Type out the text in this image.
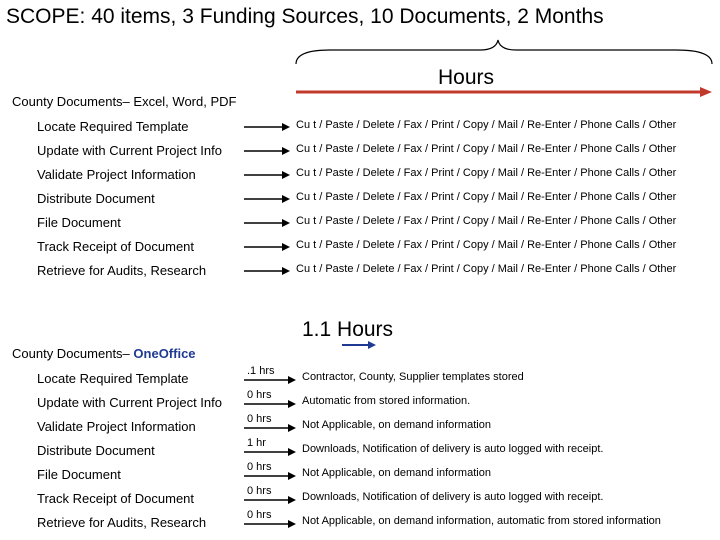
SCOPE: 40 items, 3 Funding Sources, 10 Documents, 2 Months
Hours
County Documents– Excel, Word, PDF
Locate Required Template
Update with Current Project Info
Validate Project Information
Distribute Document
File Document
Track Receipt of Document
Retrieve for Audits, Research
Cu t / Paste / Delete / Fax / Print / Copy / Mail / Re-Enter / Phone Calls / Other
Cu t / Paste / Delete / Fax / Print / Copy / Mail / Re-Enter / Phone Calls / Other
Cu t / Paste / Delete / Fax / Print / Copy / Mail / Re-Enter / Phone Calls / Other
Cu t / Paste / Delete / Fax / Print / Copy / Mail / Re-Enter / Phone Calls / Other
Cu t / Paste / Delete / Fax / Print / Copy / Mail / Re-Enter / Phone Calls / Other
Cu t / Paste / Delete / Fax / Print / Copy / Mail / Re-Enter / Phone Calls / Other
Cu t / Paste / Delete / Fax / Print / Copy / Mail / Re-Enter / Phone Calls / Other
1.1 Hours
County Documents– OneOffice
Locate Required Template
Update with Current Project Info
Validate Project Information
Distribute Document
File Document
Track Receipt of Document
Retrieve for Audits, Research
.1 hrs
0 hrs
0 hrs
1 hr
0 hrs
0 hrs
0 hrs
Contractor, County, Supplier templates stored
Automatic from stored information.
Not Applicable, on demand information
Downloads, Notification of delivery is auto logged with receipt.
Not Applicable, on demand information
Downloads, Notification of delivery is auto logged with receipt.
Not Applicable, on demand information, automatic from stored information
